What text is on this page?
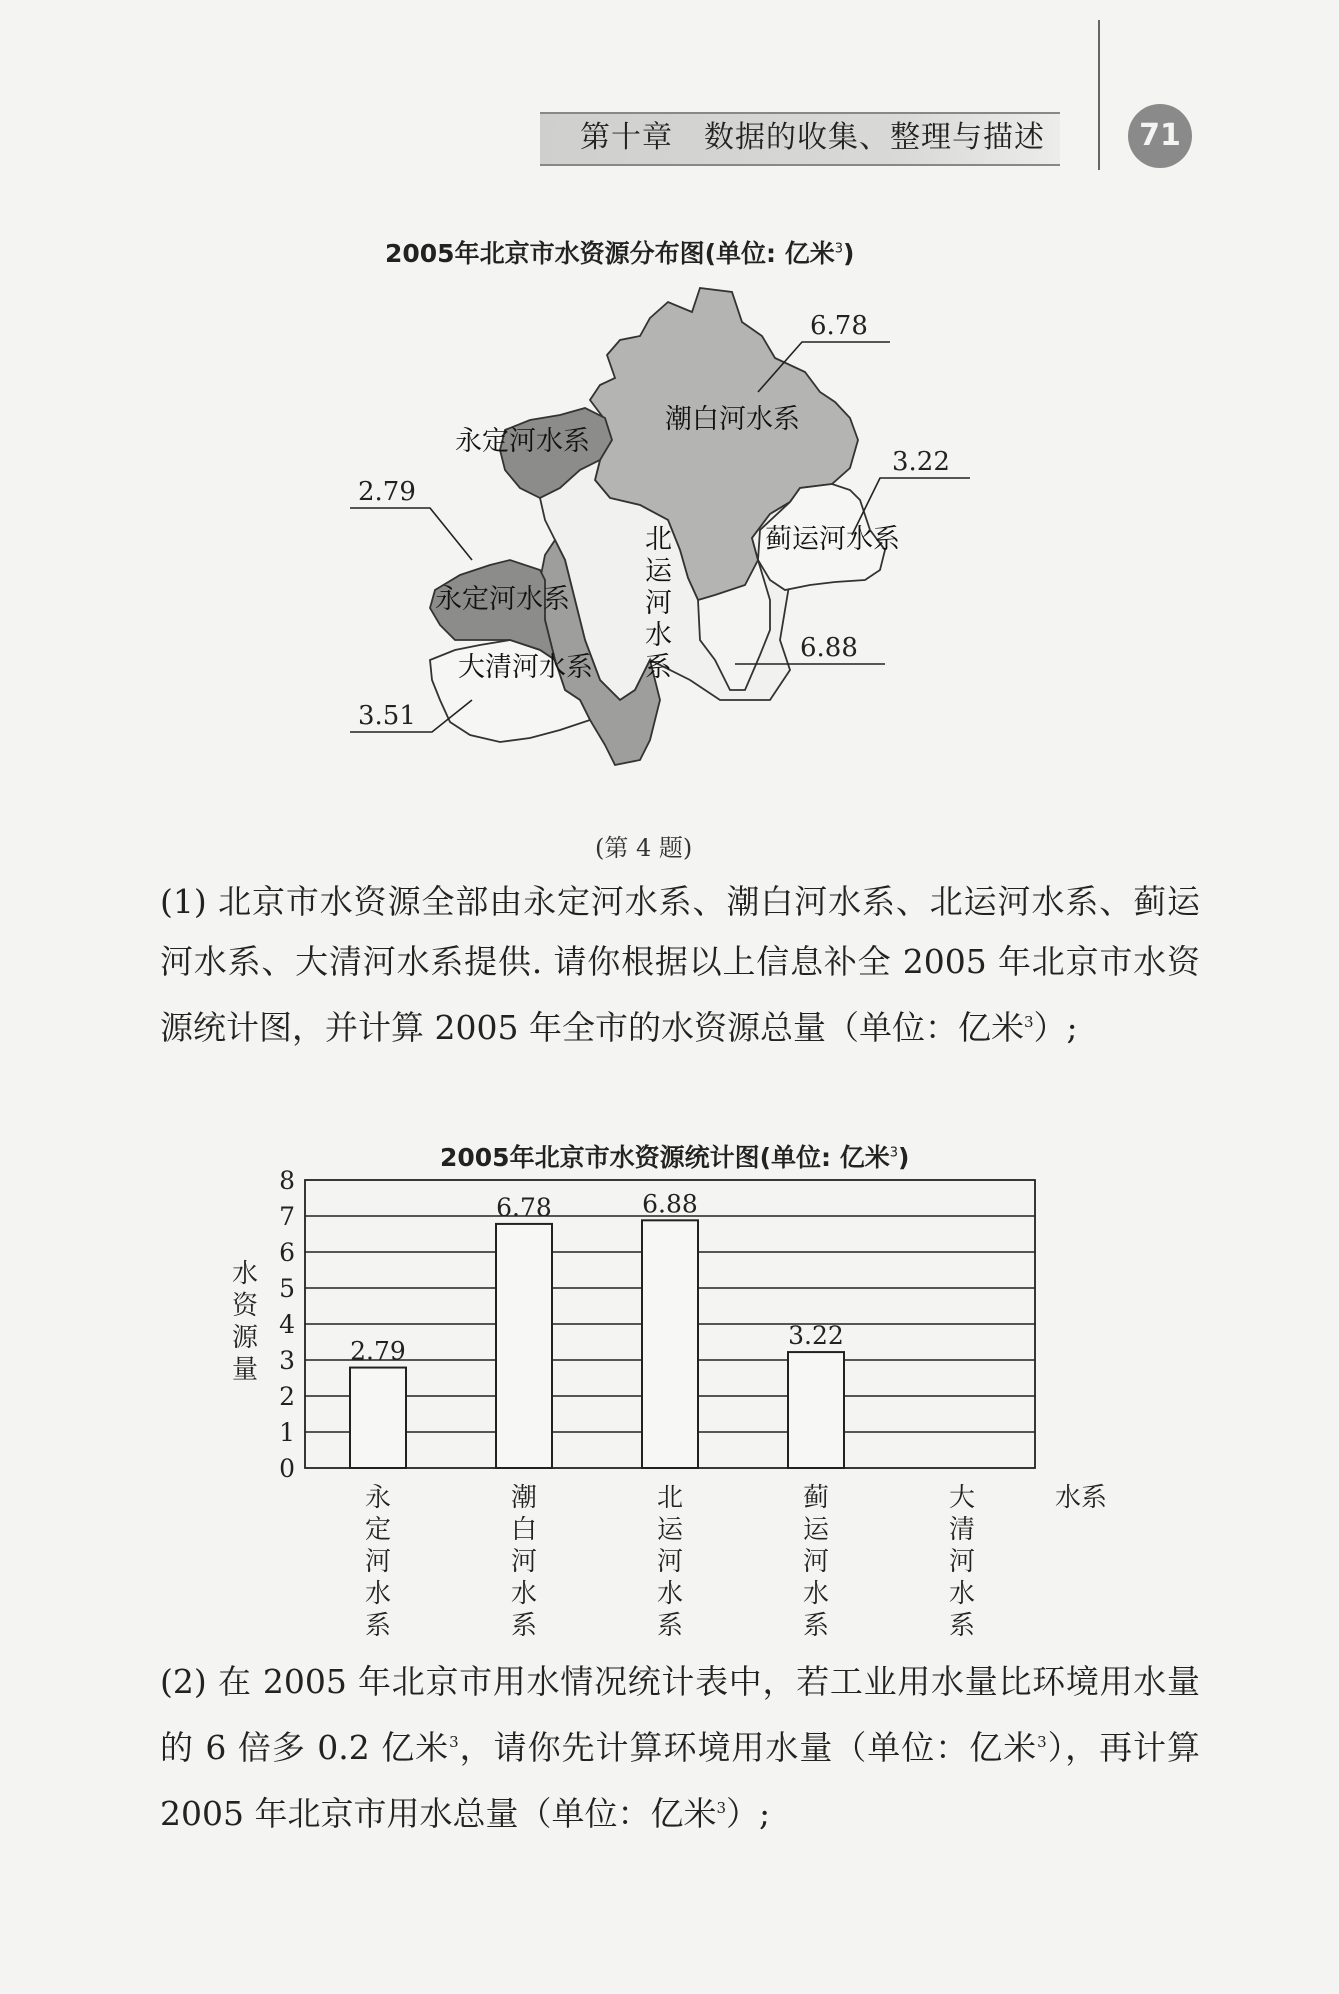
第十章　数据的收集、整理与描述	71
2005年北京市水资源分布图(单位: 亿米$^3$)
6.78
3.22
2.79
6.88
3.51
潮白河水系
永定河水系
蓟运河水系
永定河水系
大清河水系
北
运
河
水
系
(第 4 题)
(1) 北京市水资源全部由永定河水系、潮白河水系、北运河水系、蓟运河水系、大清河水系提供. 请你根据以上信息补全 2005 年北京市水资源统计图，并计算 2005 年全市的水资源总量（单位：亿米$^3$）;
2005年北京市水资源统计图(单位: 亿米$^3$)
0
1
2
3
4
5
6
7
8
水
资
源
量
2.79
永
定
河
水
系
6.78
潮
白
河
水
系
6.88
北
运
河
水
系
3.22
蓟
运
河
水
系
大
清
河
水
系
水系
(2) 在 2005 年北京市用水情况统计表中，若工业用水量比环境用水量的 6 倍多 0.2 亿米$^3$，请你先计算环境用水量（单位：亿米$^3$），再计算 2005 年北京市用水总量（单位：亿米$^3$）;
